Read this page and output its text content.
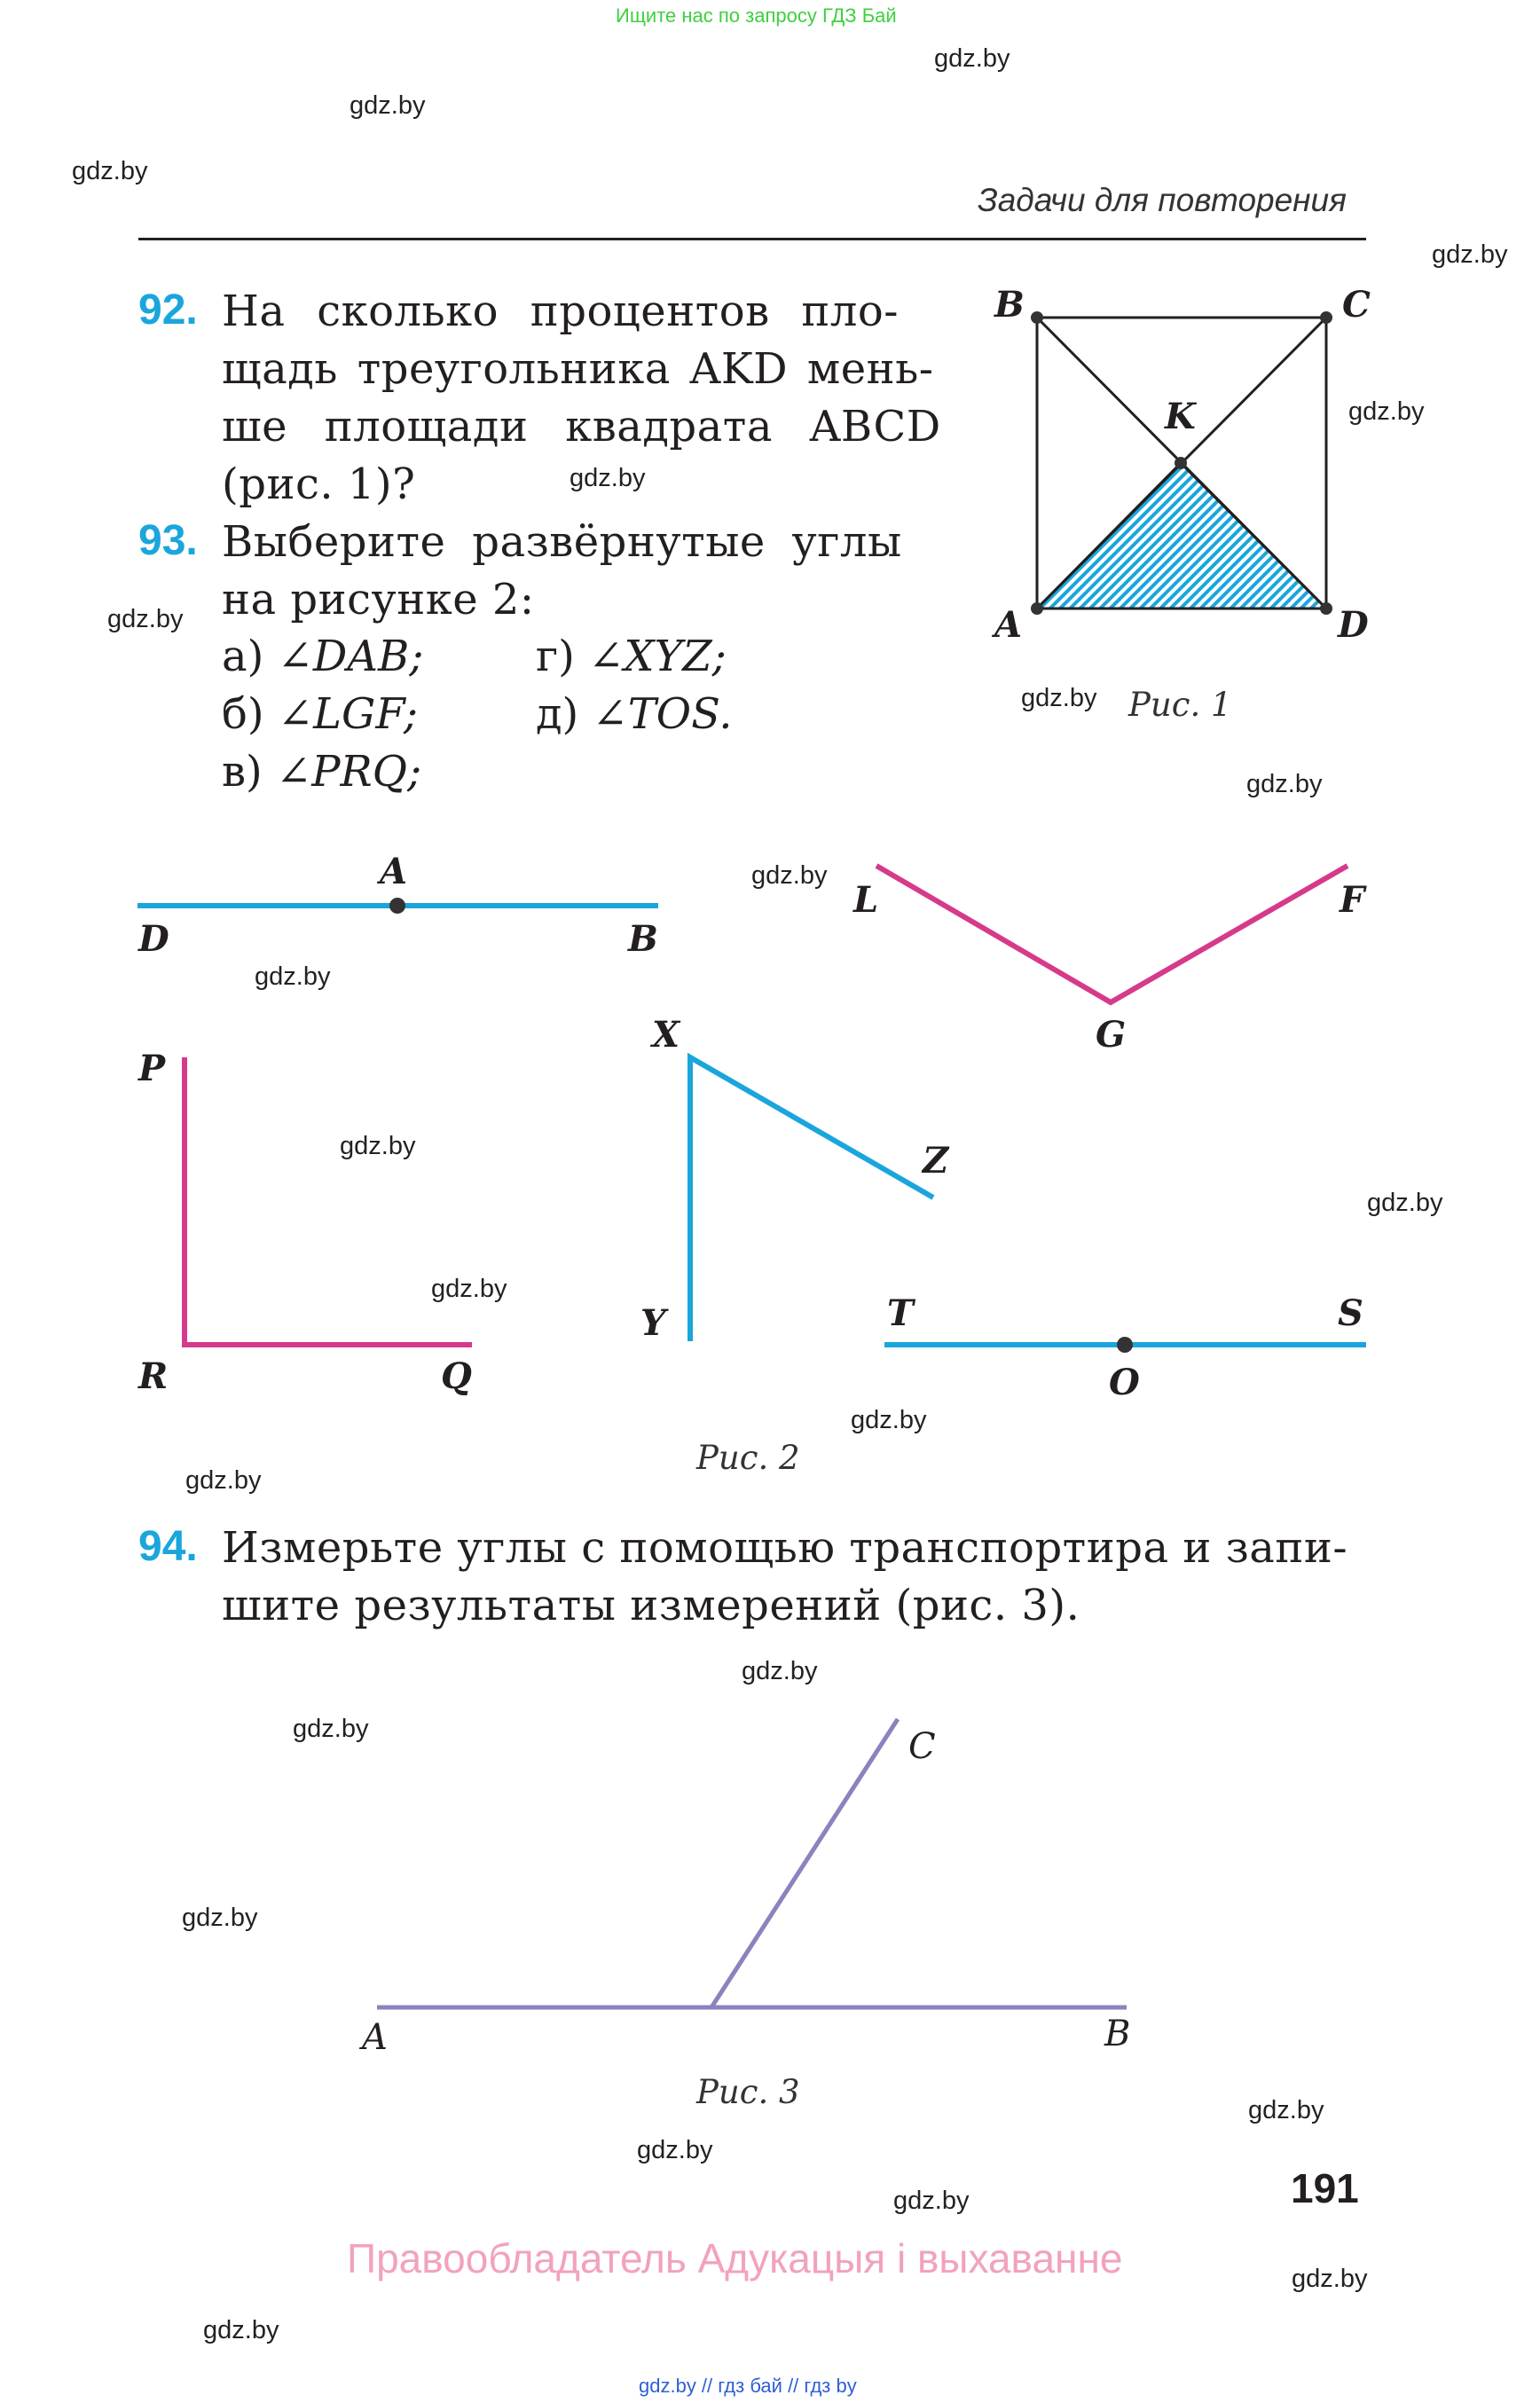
Ищите нас по запросу ГДЗ Бай
gdz.by
gdz.by
gdz.by
gdz.by
gdz.by
gdz.by
gdz.by
gdz.by
gdz.by
gdz.by
gdz.by
gdz.by
gdz.by
gdz.by
gdz.by
gdz.by
gdz.by
gdz.by
gdz.by
gdz.by
gdz.by
gdz.by
gdz.by
gdz.by
Задачи для повторения
92. На сколько процентов пло-
щадь треугольника AKD мень-
ше площади квадрата ABCD
(рис. 1)?
93. Выберите развёрнутые углы
на рисунке 2:
а) ∠DAB;	г) ∠XYZ;
б) ∠LGF;	д) ∠TOS.
в) ∠PRQ;
B	C
K
A	D
Рис. 1
A
D	B
L	F
G
P
R	Q
X
Z
Y	T	S
O
Рис. 2
94. Измерьте углы с помощью транспортира и запи-
шите результаты измерений (рис. 3).
A	B
C
Рис. 3
191
Правообладатель Адукацыя і выхаванне
gdz.by // гдз бай // гдз by
